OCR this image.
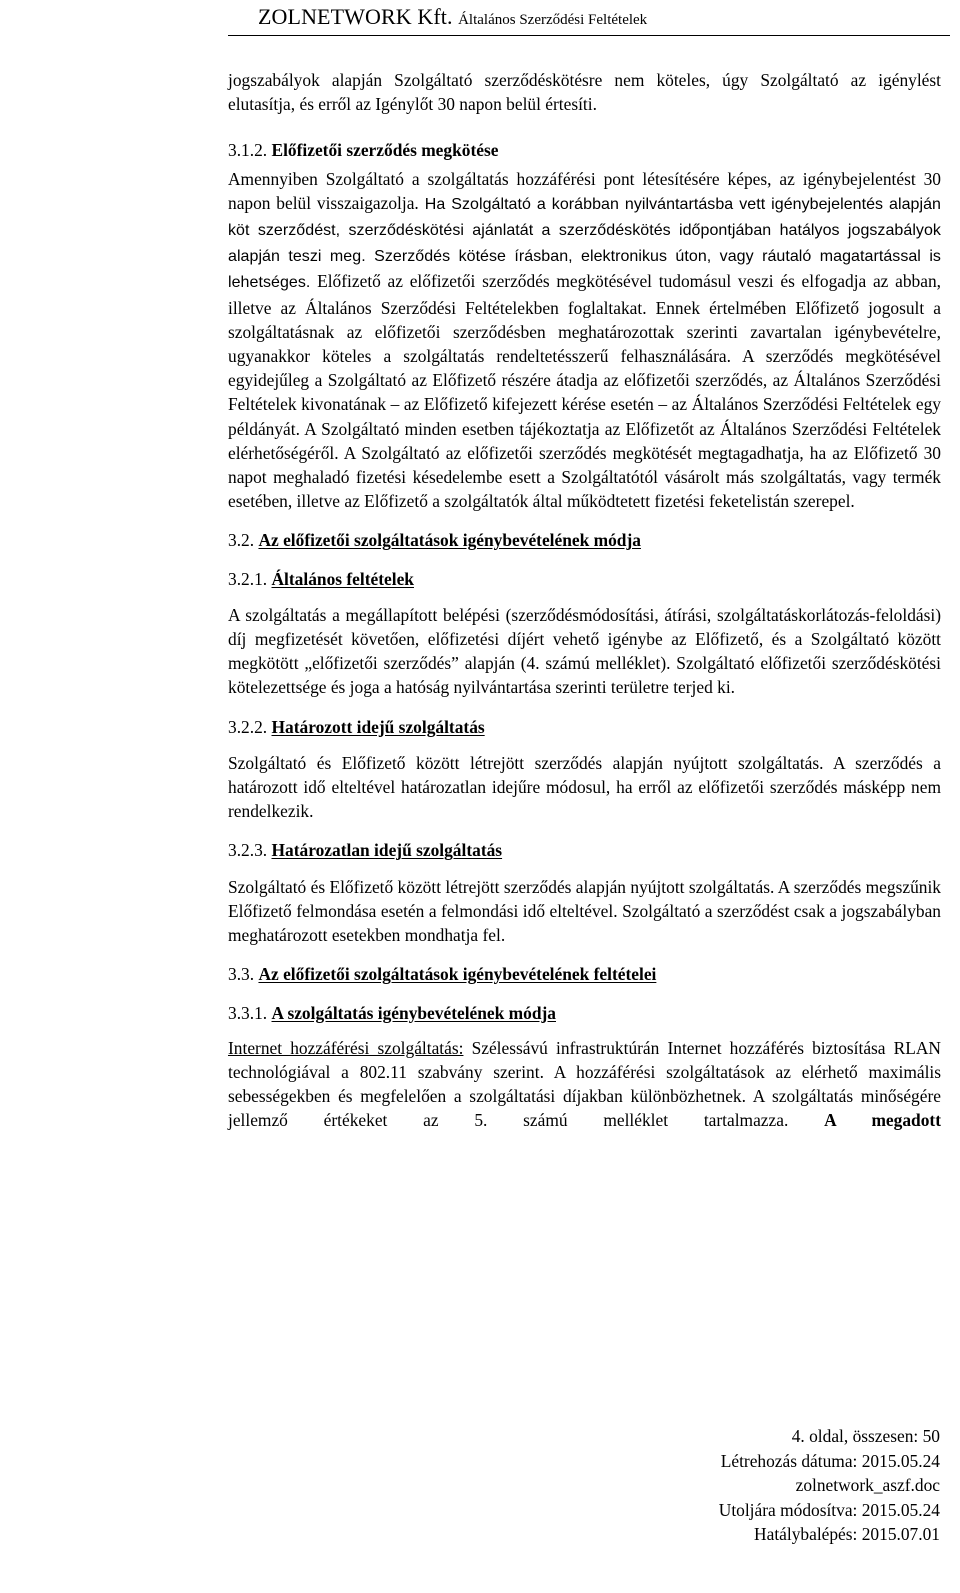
ZOLNETWORK Kft. Általános Szerződési Feltételek

jogszabályok alapján Szolgáltató szerződéskötésre nem köteles, úgy Szolgáltató az igénylést elutasítja, és erről az Igénylőt 30 napon belül értesíti.

3.1.2. Előfizetői szerződés megkötése

Amennyiben Szolgáltató a szolgáltatás hozzáférési pont létesítésére képes, az igénybejelentést 30 napon belül visszaigazolja. Ha Szolgáltató a korábban nyilvántartásba vett igénybejelentés alapján köt szerződést, szerződéskötési ajánlatát a szerződéskötés időpontjában hatályos jogszabályok alapján teszi meg. Szerződés kötése írásban, elektronikus úton, vagy ráutaló magatartással is lehetséges. Előfizető az előfizetői szerződés megkötésével tudomásul veszi és elfogadja az abban, illetve az Általános Szerződési Feltételekben foglaltakat. Ennek értelmében Előfizető jogosult a szolgáltatásnak az előfizetői szerződésben meghatározottak szerinti zavartalan igénybevételre, ugyanakkor köteles a szolgáltatás rendeltetésszerű felhasználására. A szerződés megkötésével egyidejűleg a Szolgáltató az Előfizető részére átadja az előfizetői szerződés, az Általános Szerződési Feltételek kivonatának – az Előfizető kifejezett kérése esetén – az Általános Szerződési Feltételek egy példányát. A Szolgáltató minden esetben tájékoztatja az Előfizetőt az Általános Szerződési Feltételek elérhetőségéről. A Szolgáltató az előfizetői szerződés megkötését megtagadhatja, ha az Előfizető 30 napot meghaladó fizetési késedelembe esett a Szolgáltatótól vásárolt más szolgáltatás, vagy termék esetében, illetve az Előfizető a szolgáltatók által működtetett fizetési feketelistán szerepel.

3.2. Az előfizetői szolgáltatások igénybevételének módja

3.2.1. Általános feltételek

A szolgáltatás a megállapított belépési (szerződésmódosítási, átírási, szolgáltatáskorlátozás-feloldási) díj megfizetését követően, előfizetési díjért vehető igénybe az Előfizető, és a Szolgáltató között megkötött „előfizetői szerződés” alapján (4. számú melléklet). Szolgáltató előfizetői szerződéskötési kötelezettsége és joga a hatóság nyilvántartása szerinti területre terjed ki.

3.2.2. Határozott idejű szolgáltatás

Szolgáltató és Előfizető között létrejött szerződés alapján nyújtott szolgáltatás. A szerződés a határozott idő elteltével határozatlan idejűre módosul, ha erről az előfizetői szerződés másképp nem rendelkezik.

3.2.3. Határozatlan idejű szolgáltatás

Szolgáltató és Előfizető között létrejött szerződés alapján nyújtott szolgáltatás. A szerződés megszűnik Előfizető felmondása esetén a felmondási idő elteltével. Szolgáltató a szerződést csak a jogszabályban meghatározott esetekben mondhatja fel.

3.3. Az előfizetői szolgáltatások igénybevételének feltételei

3.3.1. A szolgáltatás igénybevételének módja

Internet hozzáférési szolgáltatás: Szélessávú infrastruktúrán Internet hozzáférés biztosítása RLAN technológiával a 802.11 szabvány szerint. A hozzáférési szolgáltatások az elérhető maximális sebességekben és megfelelően a szolgáltatási díjakban különbözhetnek. A szolgáltatás minőségére jellemző értékeket az 5. számú melléklet tartalmazza. A megadott

4. oldal, összesen: 50
Létrehozás dátuma: 2015.05.24
zolnetwork_aszf.doc
Utoljára módosítva: 2015.05.24
Hatálybalépés: 2015.07.01
